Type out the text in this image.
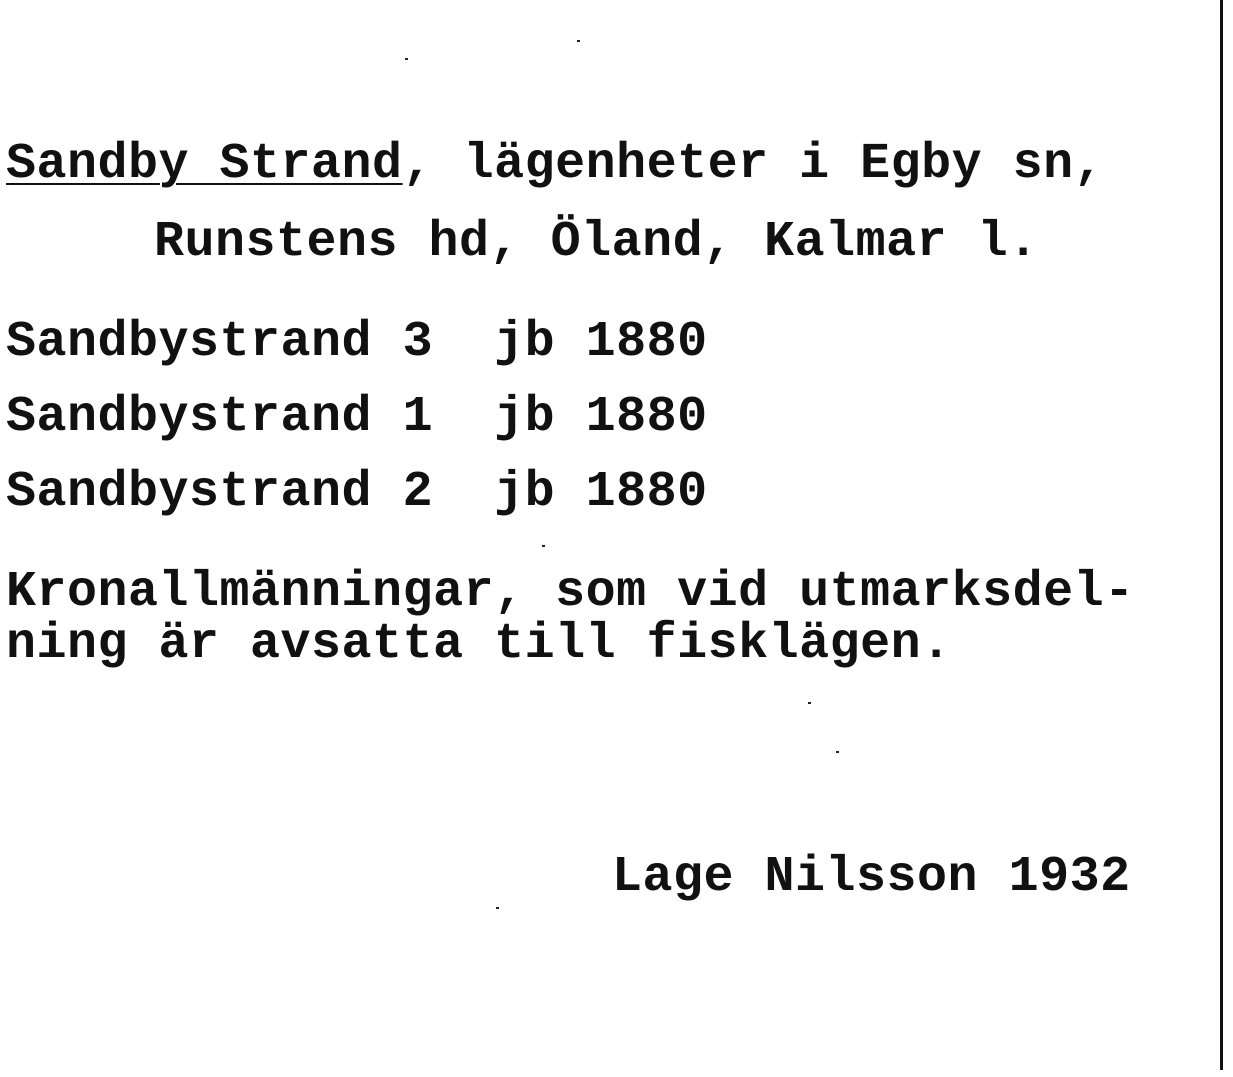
Sandby Strand, lägenheter i Egby sn,
Runstens hd, Öland, Kalmar l.
Sandbystrand 3 jb 1880
Sandbystrand 1 jb 1880
Sandbystrand 2 jb 1880
Kronallmänningar, som vid utmarksdel-
ning är avsatta till fisklägen.
Lage Nilsson 1932
